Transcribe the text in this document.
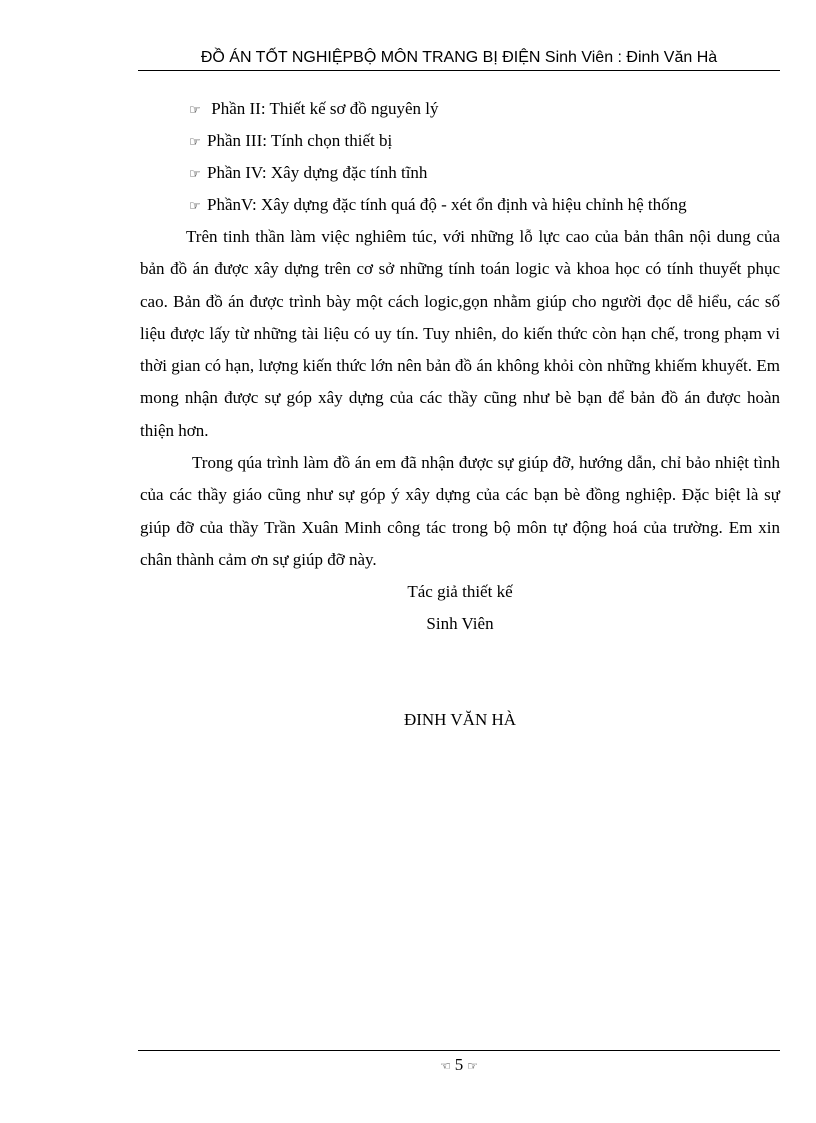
ĐỒ ÁN TỐT NGHIỆPBỘ MÔN TRANG BỊ ĐIỆN Sinh Viên : Đinh Văn Hà
☞ Phần II: Thiết kế sơ đồ nguyên lý
☞ Phần III: Tính chọn thiết bị
☞ Phần IV: Xây dựng đặc tính tĩnh
☞ PhầnV: Xây dựng đặc tính quá độ - xét ổn định và hiệu chỉnh hệ thống

Trên tinh thần làm việc nghiêm túc, với những lỗ lực cao của bản thân nội dung của bản đồ án được xây dựng trên cơ sở những tính toán logic và khoa học có tính thuyết phục cao. Bản đồ án được trình bày một cách logic,gọn nhằm giúp cho người đọc dễ hiểu, các số liệu được lấy từ những tài liệu có uy tín. Tuy nhiên, do kiến thức còn hạn chế, trong phạm vi thời gian có hạn, lượng kiến thức lớn nên bản đồ án không khỏi còn những khiếm khuyết. Em mong nhận được sự góp xây dựng của các thầy cũng như bè bạn để bản đồ án được hoàn thiện hơn.

Trong qúa trình làm đồ án em đã nhận được sự giúp đỡ, hướng dẫn, chỉ bảo nhiệt tình của các thầy giáo cũng như sự góp ý xây dựng của các bạn bè đồng nghiệp. Đặc biệt là sự giúp đỡ của thầy Trần Xuân Minh công tác trong bộ môn tự động hoá của trường. Em xin chân thành cảm ơn sự giúp đỡ này.

Tác giả thiết kế
Sinh Viên
ĐINH VĂN HÀ
☜ 5 ☞
